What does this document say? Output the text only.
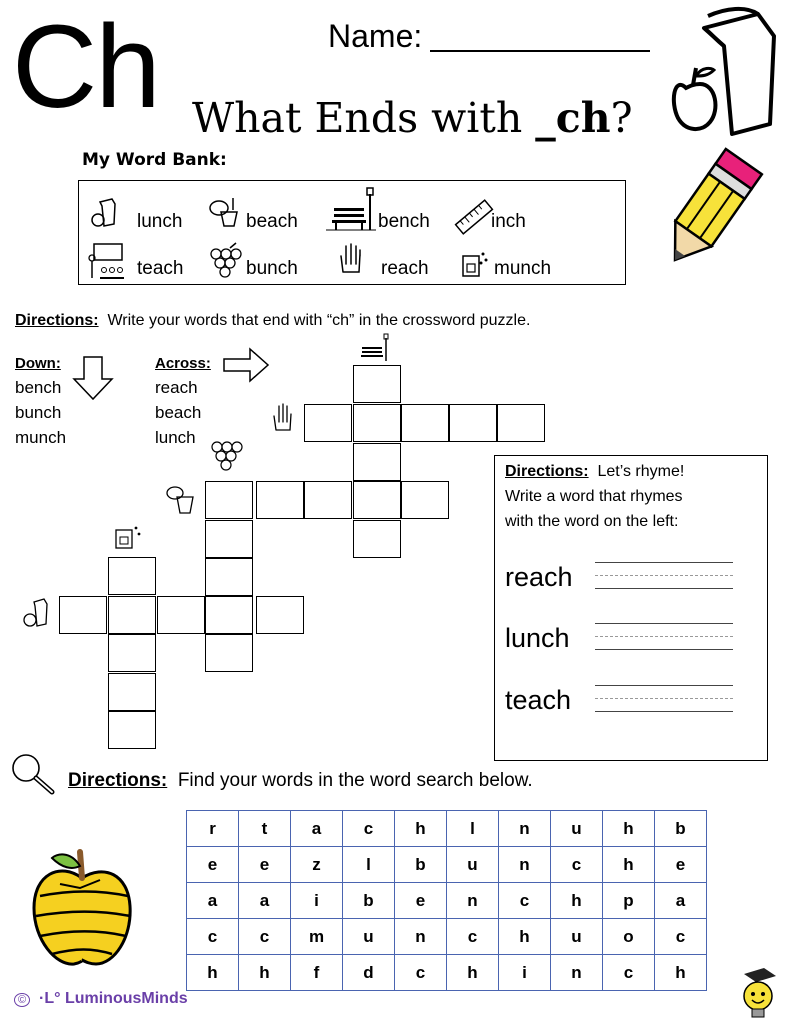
Ch	Name:
What Ends with _ch?
My Word Bank:
lunch	beach	bench	inch
teach	bunch	reach	munch
Directions: Write your words that end with “ch” in the crossword puzzle.
Down:
bench
bunch
munch
Across:
reach
beach
lunch
Directions: Let’s rhyme!
Write a word that rhymes
with the word on the left:
reach
lunch
teach
Directions: Find your words in the word search below.
r	t	a	c	h	l	n	u	h	b
e	e	z	l	b	u	n	c	h	e
a	a	i	b	e	n	c	h	p	a
c	c	m	u	n	c	h	u	o	c
h	h	f	d	c	h	i	n	c	h
© ·L° LuminousMinds
